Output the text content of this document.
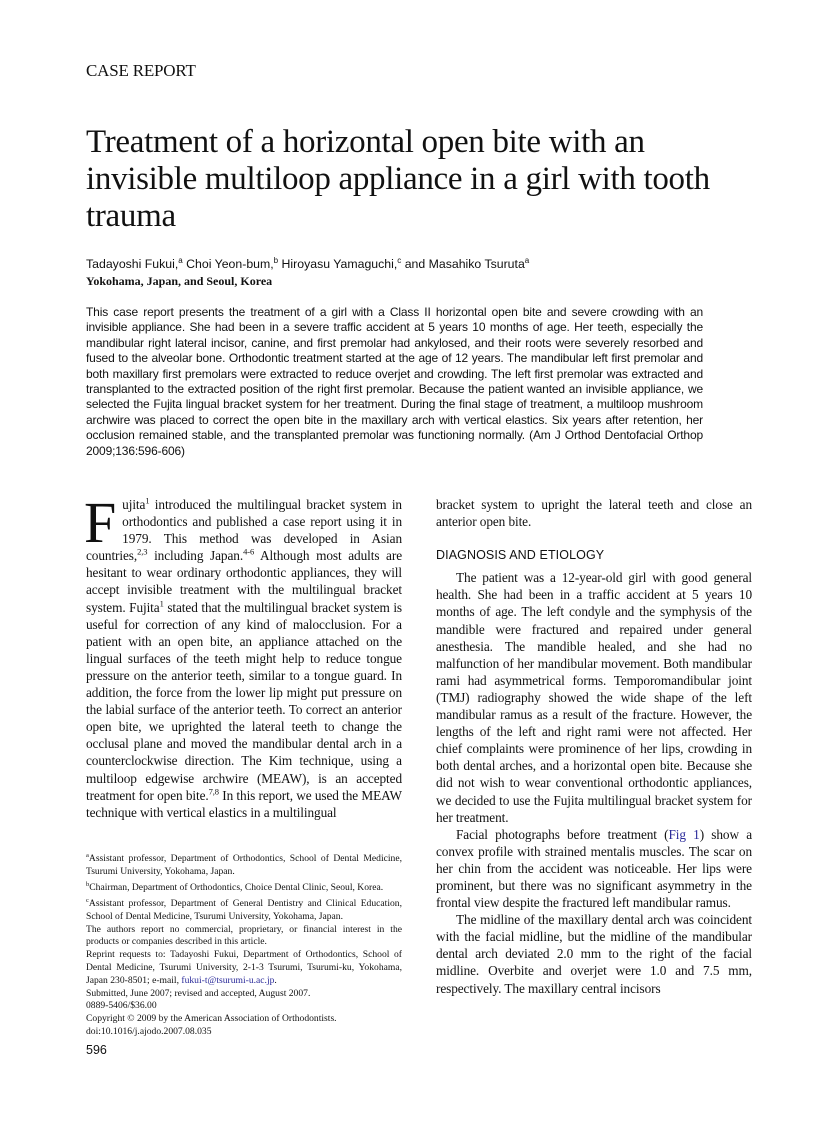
CASE REPORT
Treatment of a horizontal open bite with an invisible multiloop appliance in a girl with tooth trauma
Tadayoshi Fukui,$^a$ Choi Yeon-bum,$^b$ Hiroyasu Yamaguchi,$^c$ and Masahiko Tsuruta$^a$
Yokohama, Japan, and Seoul, Korea

This case report presents the treatment of a girl with a Class II horizontal open bite and severe crowding with an invisible appliance. She had been in a severe traffic accident at 5 years 10 months of age. Her teeth, especially the mandibular right lateral incisor, canine, and first premolar had ankylosed, and their roots were severely resorbed and fused to the alveolar bone. Orthodontic treatment started at the age of 12 years. The mandibular left first premolar and both maxillary first premolars were extracted to reduce overjet and crowding. The left first premolar was extracted and transplanted to the extracted position of the right first premolar. Because the patient wanted an invisible appliance, we selected the Fujita lingual bracket system for her treatment. During the final stage of treatment, a multiloop mushroom archwire was placed to correct the open bite in the maxillary arch with vertical elastics. Six years after retention, her occlusion remained stable, and the transplanted premolar was functioning normally. (Am J Orthod Dentofacial Orthop 2009;136:596-606)

Fujita$^1$ introduced the multilingual bracket system in orthodontics and published a case report using it in 1979. This method was developed in Asian countries,$^{2,3}$ including Japan.$^{4-6}$ Although most adults are hesitant to wear ordinary orthodontic appliances, they will accept invisible treatment with the multilingual bracket system. Fujita$^1$ stated that the multilingual bracket system is useful for correction of any kind of malocclusion. For a patient with an open bite, an appliance attached on the lingual surfaces of the teeth might help to reduce tongue pressure on the anterior teeth, similar to a tongue guard. In addition, the force from the lower lip might put pressure on the labial surface of the anterior teeth. To correct an anterior open bite, we uprighted the lateral teeth to change the occlusal plane and moved the mandibular dental arch in a counterclockwise direction. The Kim technique, using a multiloop edgewise archwire (MEAW), is an accepted treatment for open bite.$^{7,8}$ In this report, we used the MEAW technique with vertical elastics in a multilingual

bracket system to upright the lateral teeth and close an anterior open bite.

DIAGNOSIS AND ETIOLOGY

The patient was a 12-year-old girl with good general health. She had been in a traffic accident at 5 years 10 months of age. The left condyle and the symphysis of the mandible were fractured and repaired under general anesthesia. The mandible healed, and she had no malfunction of her mandibular movement. Both mandibular rami had asymmetrical forms. Temporomandibular joint (TMJ) radiography showed the wide shape of the left mandibular ramus as a result of the fracture. However, the lengths of the left and right rami were not affected. Her chief complaints were prominence of her lips, crowding in both dental arches, and a horizontal open bite. Because she did not wish to wear conventional orthodontic appliances, we decided to use the Fujita multilingual bracket system for her treatment.

Facial photographs before treatment (Fig 1) show a convex profile with strained mentalis muscles. The scar on her chin from the accident was noticeable. Her lips were prominent, but there was no significant asymmetry in the frontal view despite the fractured left mandibular ramus.

The midline of the maxillary dental arch was coincident with the facial midline, but the midline of the mandibular dental arch deviated 2.0 mm to the right of the facial midline. Overbite and overjet were 1.0 and 7.5 mm, respectively. The maxillary central incisors

$^a$Assistant professor, Department of Orthodontics, School of Dental Medicine, Tsurumi University, Yokohama, Japan.
$^b$Chairman, Department of Orthodontics, Choice Dental Clinic, Seoul, Korea.
$^c$Assistant professor, Department of General Dentistry and Clinical Education, School of Dental Medicine, Tsurumi University, Yokohama, Japan.
The authors report no commercial, proprietary, or financial interest in the products or companies described in this article.
Reprint requests to: Tadayoshi Fukui, Department of Orthodontics, School of Dental Medicine, Tsurumi University, 2-1-3 Tsurumi, Tsurumi-ku, Yokohama, Japan 230-8501; e-mail, fukui-t@tsurumi-u.ac.jp.
Submitted, June 2007; revised and accepted, August 2007.
0889-5406/$36.00
Copyright © 2009 by the American Association of Orthodontists.
doi:10.1016/j.ajodo.2007.08.035
596
